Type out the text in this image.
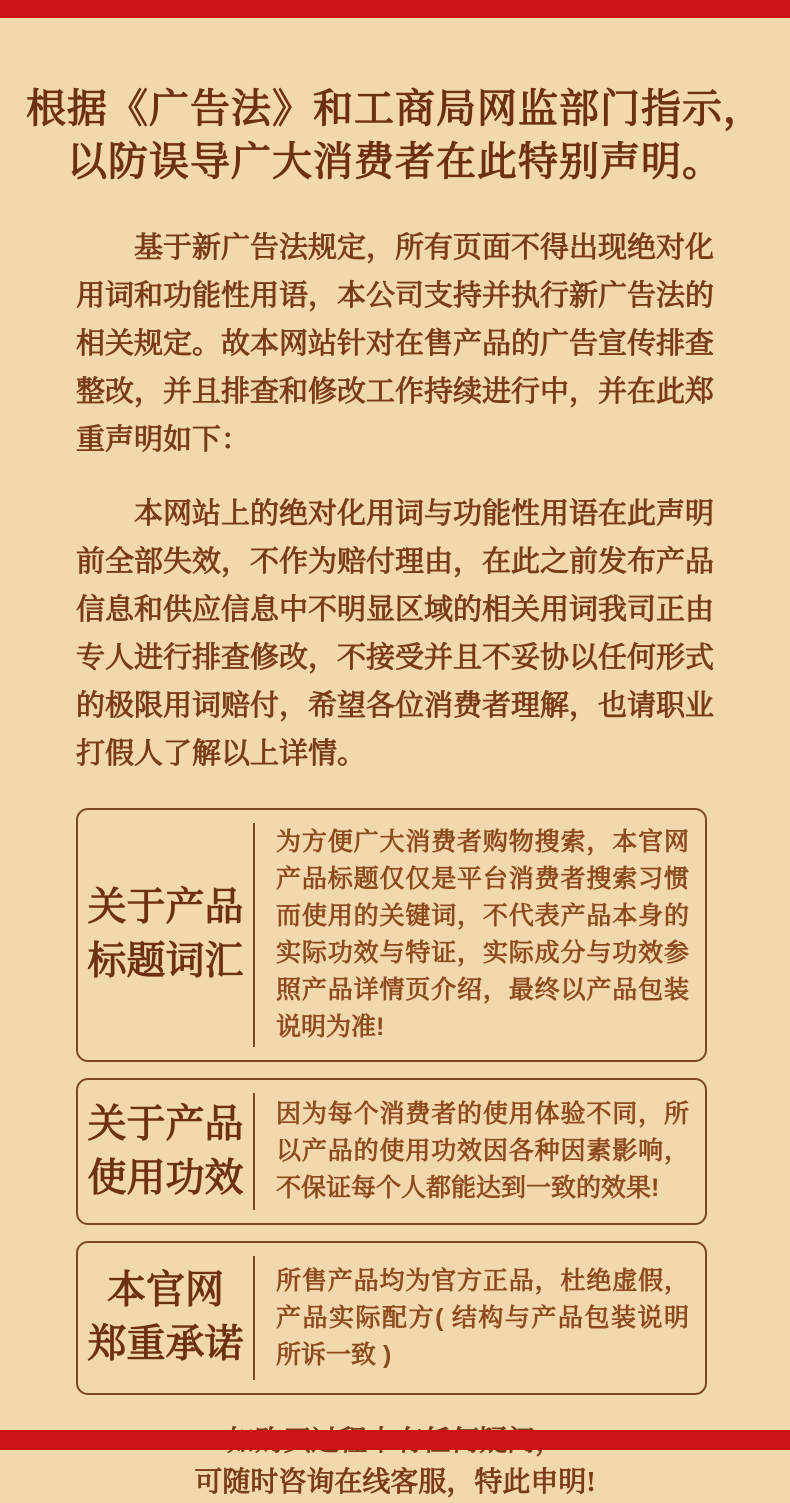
根据《广告法》和工商局网监部门指示，
以防误导广大消费者在此特别声明。

基于新广告法规定，所有页面不得出现绝对化用词和功能性用语，本公司支持并执行新广告法的相关规定。故本网站针对在售产品的广告宣传排查整改，并且排查和修改工作持续进行中，并在此郑重声明如下：

本网站上的绝对化用词与功能性用语在此声明前全部失效，不作为赔付理由，在此之前发布产品信息和供应信息中不明显区域的相关用词我司正由专人进行排查修改，不接受并且不妥协以任何形式的极限用词赔付，希望各位消费者理解，也请职业打假人了解以上详情。

关于产品
标题词汇
为方便广大消费者购物搜索，本官网产品标题仅仅是平台消费者搜索习惯而使用的关键词，不代表产品本身的实际功效与特证，实际成分与功效参照产品详情页介绍，最终以产品包装说明为准!
关于产品
使用功效
因为每个消费者的使用体验不同，所以产品的使用功效因各种因素影响，不保证每个人都能达到一致的效果!
本官网
郑重承诺
所售产品均为官方正品，杜绝虚假，产品实际配方( 结构与产品包装说明所诉一致 )
可随时咨询在线客服，特此申明!
